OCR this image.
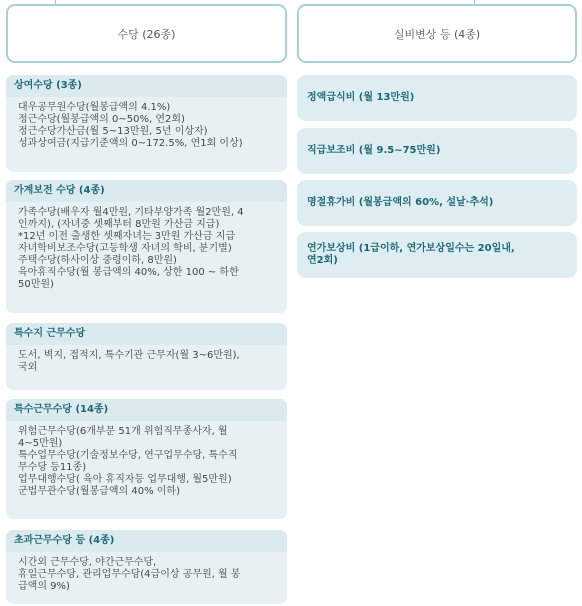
수당 (26종)
상여수당 (3종)
대우공무원수당(월봉급액의 4.1%)
정근수당(월봉급액의 0~50%, 연2회)
정근수당가산금(월 5~13만원, 5년 이상자)
성과상여금(지급기준액의 0~172.5%, 연1회 이상)
가계보전 수당 (4종)
가족수당(배우자 월4만원, 기타부양가족 월2만원, 4
인까지), (자녀중 셋째부터 8만원 가산금 지급)
*12년 이전 출생한 셋째자녀는 3만원 가산금 지급
자녀학비보조수당(고등학생 자녀의 학비, 분기별)
주택수당(하사이상 중령이하, 8만원)
육아휴직수당(월 봉급액의 40%, 상한 100 ~ 하한
50만원)
특수지 근무수당
도서, 벽지, 접적지, 특수기관 근무자(월 3~6만원),
국외
특수근무수당 (14종)
위험근무수당(6개부문 51개 위험직무종사자, 월
4~5만원)
특수업무수당(기술정보수당, 연구업무수당, 특수직
무수당 등11종)
업무대행수당( 육아 휴직자등 업무대행, 월5만원)
군법무관수당(월봉급액의 40% 이하)
초과근무수당 등 (4종)
시간외 근무수당, 야간근무수당,
휴일근무수당, 관리업무수당(4급이상 공무원, 월 봉
급액의 9%)
실비변상 등 (4종)
정액급식비 (월 13만원)
직급보조비 (월 9.5~75만원)
명절휴가비 (월봉급액의 60%, 설날·추석)
연가보상비 (1급이하, 연가보상일수는 20일내,
연2회)
